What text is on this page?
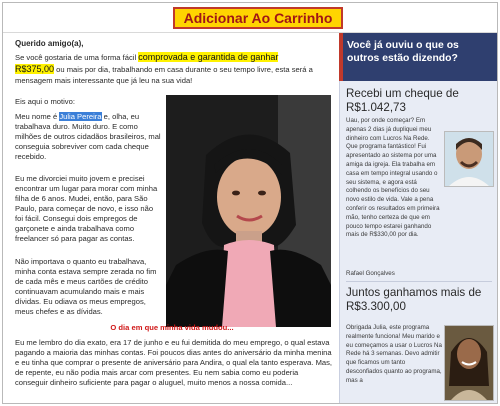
Adicionar Ao Carrinho
Querido amigo(a),
Se você gostaria de uma forma fácil comprovada e garantida de ganhar
R$375,00 ou mais por dia, trabalhando em casa durante o seu tempo livre, esta será a mensagem mais interessante que já leu na sua vida!
Eis aqui o motivo:
Meu nome é Julia Pereira e, olha, eu trabalhava duro. Muito duro. E como milhões de outros cidadãos brasileiros, mal conseguia sobreviver com cada cheque recebido.
Eu me divorciei muito jovem e precisei encontrar um lugar para morar com minha filha de 6 anos. Mudei, então, para São Paulo, para começar de novo, e isso não foi fácil. Consegui dois empregos de garçonete e ainda trabalhava como freelancer só para pagar as contas.
Não importava o quanto eu trabalhava, minha conta estava sempre zerada no fim de cada mês e meus cartões de crédito continuavam acumulando mais e mais dívidas. Eu odiava os meus empregos, meus chefes e as dívidas.
O dia em que minha vida mudou...
Eu me lembro do dia exato, era 17 de junho e eu fui demitida do meu emprego, o qual estava pagando a maioria das minhas contas. Foi poucos dias antes do aniversário da minha menina e eu tinha que comprar o presente de aniversário para Andira, o qual ela tanto esperava. Mas, de repente, eu não podia mais arcar com presentes. Eu nem sabia como eu poderia conseguir dinheiro suficiente para pagar o aluguel, muito menos a nossa comida...
Você já ouviu o que os outros estão dizendo?
Recebi um cheque de R$1.042,73
Uau, por onde começar? Em apenas 2 dias já dupliquei meu dinheiro com Lucros Na Rede. Que programa fantástico! Fui apresentado ao sistema por uma amiga da igreja. Ela trabalha em casa em tempo integral usando o seu sistema, e agora está colhendo os benefícios do seu novo estilo de vida. Vale a pena conferir os resultados em primeira mão, tenho certeza de que em pouco tempo estarei ganhando mais de R$330,00 por dia.
Rafael Gonçalves
Juntos ganhamos mais de R$3.300,00
Obrigada Julia, este programa realmente funciona! Meu marido e eu começamos a usar o Lucros Na Rede há 3 semanas. Devo admitir que ficamos um tanto desconfiados quanto ao programa, mas a
